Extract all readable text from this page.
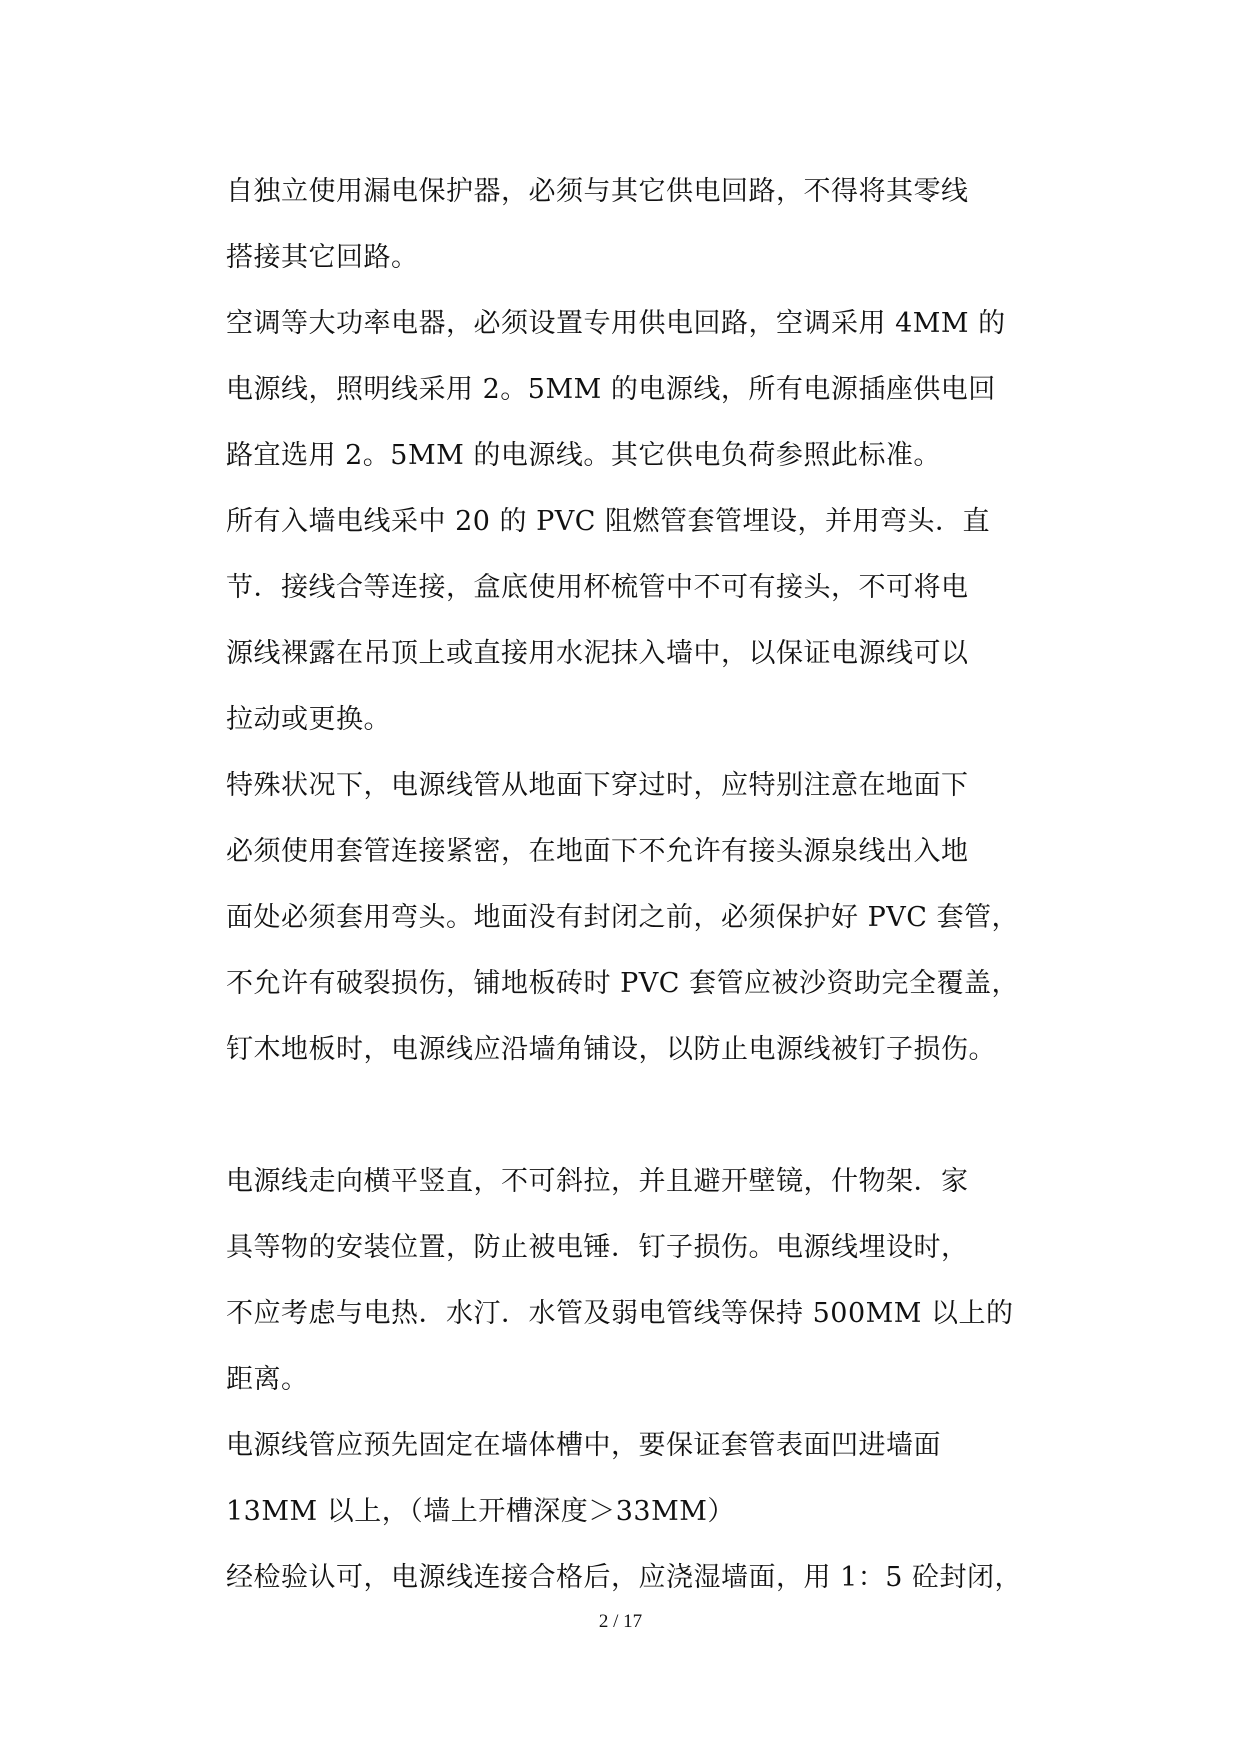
自独立使用漏电保护器，必须与其它供电回路，不得将其零线
搭接其它回路。
空调等大功率电器，必须设置专用供电回路，空调采用 4MM 的
电源线，照明线采用 2。5MM 的电源线，所有电源插座供电回
路宜选用 2。5MM 的电源线。其它供电负荷参照此标准。
所有入墙电线采中 20 的 PVC 阻燃管套管埋设，并用弯头．直
节．接线合等连接，盒底使用杯梳管中不可有接头，不可将电
源线裸露在吊顶上或直接用水泥抹入墙中，以保证电源线可以
拉动或更换。
特殊状况下，电源线管从地面下穿过时，应特别注意在地面下
必须使用套管连接紧密，在地面下不允许有接头源泉线出入地
面处必须套用弯头。地面没有封闭之前，必须保护好 PVC 套管，
不允许有破裂损伤，铺地板砖时 PVC 套管应被沙资助完全覆盖，
钉木地板时，电源线应沿墙角铺设，以防止电源线被钉子损伤。
电源线走向横平竖直，不可斜拉，并且避开壁镜，什物架．家
具等物的安装位置，防止被电锤．钉子损伤。电源线埋设时，
不应考虑与电热．水汀．水管及弱电管线等保持 500MM 以上的
距离。
电源线管应预先固定在墙体槽中，要保证套管表面凹进墙面
13MM 以上，（墙上开槽深度＞33MM）
经检验认可，电源线连接合格后，应浇湿墙面，用 1：5 砼封闭，
2 / 17
